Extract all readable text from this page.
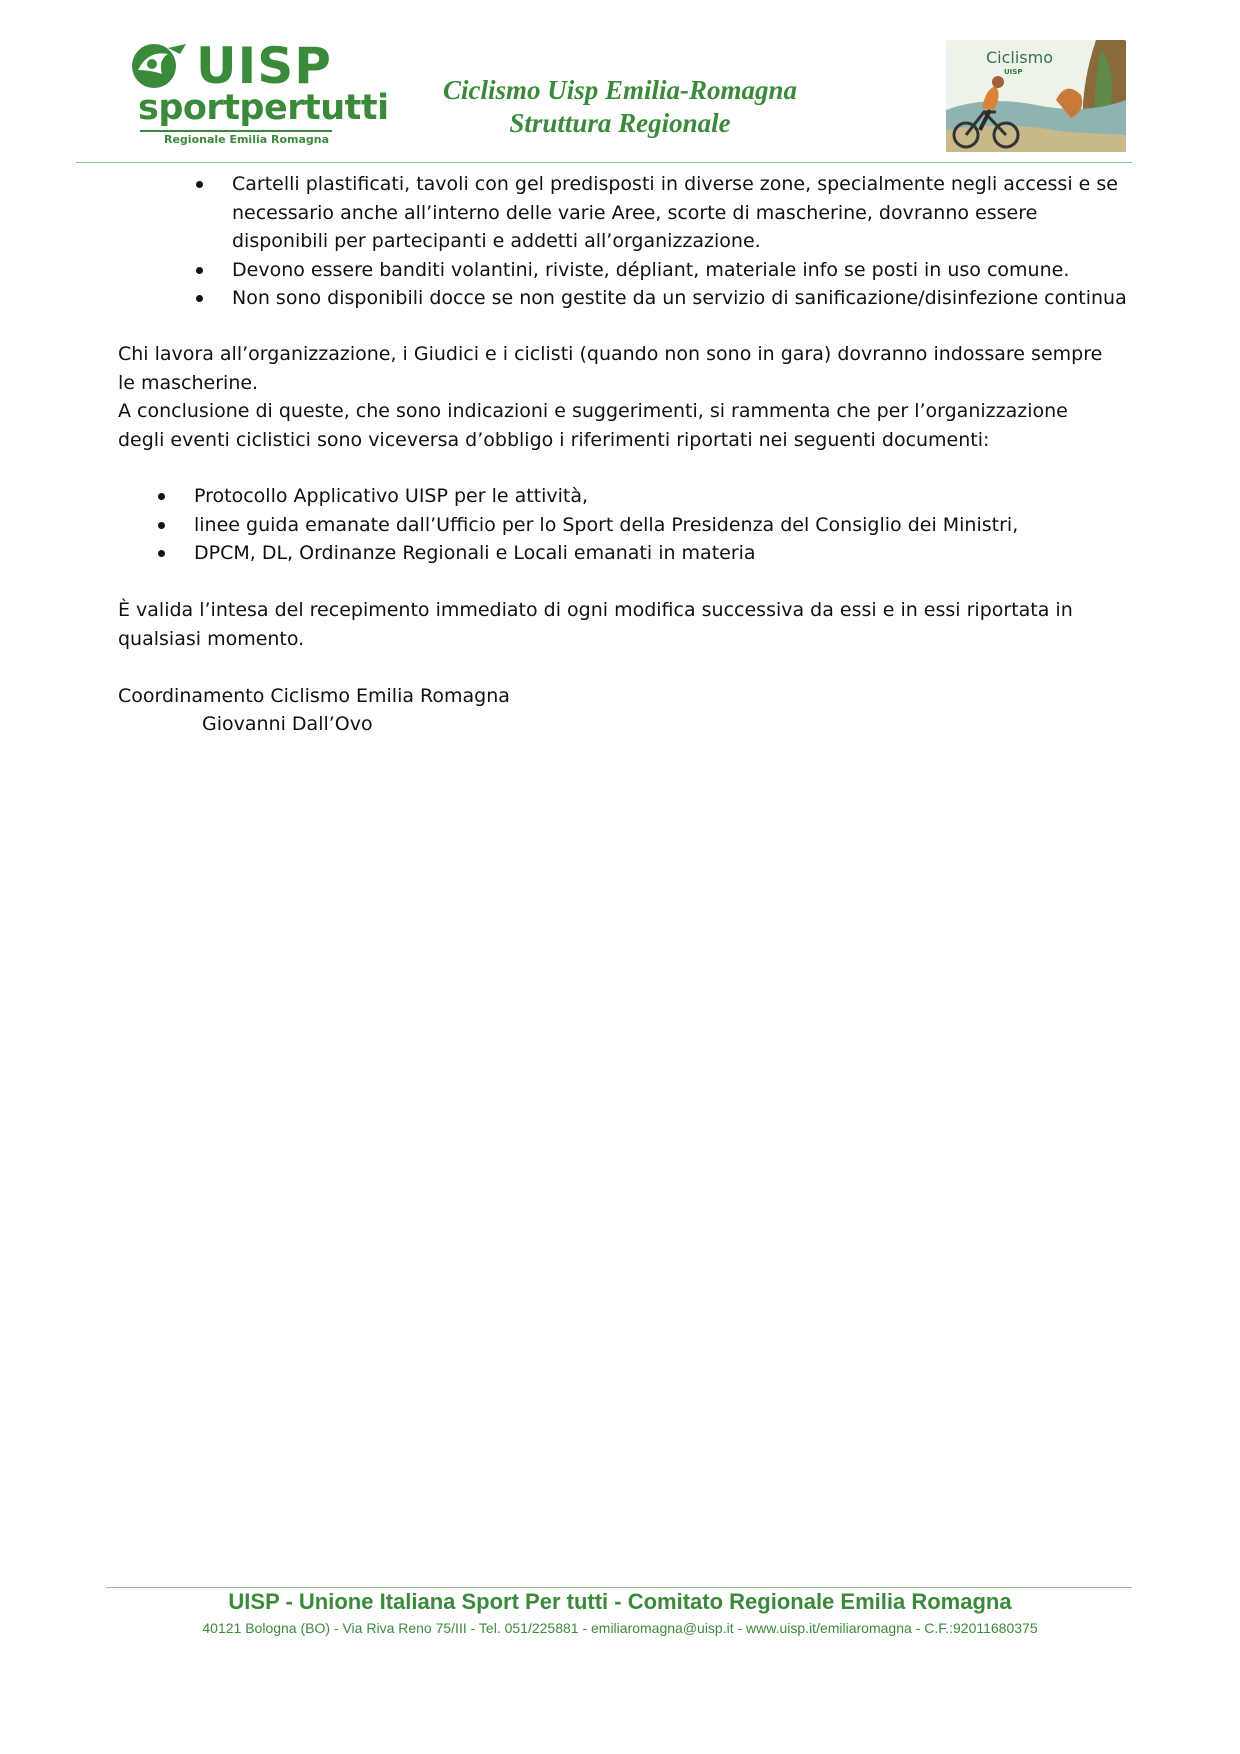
UISP
sportpertutti
Regionale Emilia Romagna
Ciclismo Uisp Emilia-Romagna
Struttura Regionale
Ciclismo
UISP
Cartelli plastificati, tavoli con gel predisposti in diverse zone, specialmente negli accessi e se necessario anche all’interno delle varie Aree, scorte di mascherine, dovranno essere disponibili per partecipanti e addetti all’organizzazione.
Devono essere banditi volantini, riviste, dépliant, materiale info se posti in uso comune.
Non sono disponibili docce se non gestite da un servizio di sanificazione/disinfezione continua

Chi lavora all’organizzazione, i Giudici e i ciclisti (quando non sono in gara) dovranno indossare sempre le mascherine.

A conclusione di queste, che sono indicazioni e suggerimenti, si rammenta che per l’organizzazione degli eventi ciclistici sono viceversa d’obbligo i riferimenti riportati nei seguenti documenti:

Protocollo Applicativo UISP per le attività,
linee guida emanate dall’Ufficio per lo Sport della Presidenza del Consiglio dei Ministri,
DPCM, DL, Ordinanze Regionali e Locali emanati in materia

È valida l’intesa del recepimento immediato di ogni modifica successiva da essi e in essi riportata in qualsiasi momento.

Coordinamento Ciclismo Emilia Romagna

Giovanni Dall’Ovo

UISP - Unione Italiana Sport Per tutti - Comitato Regionale Emilia Romagna
40121 Bologna (BO) - Via Riva Reno 75/III - Tel. 051/225881 - emiliaromagna@uisp.it - www.uisp.it/emiliaromagna - C.F.:92011680375
